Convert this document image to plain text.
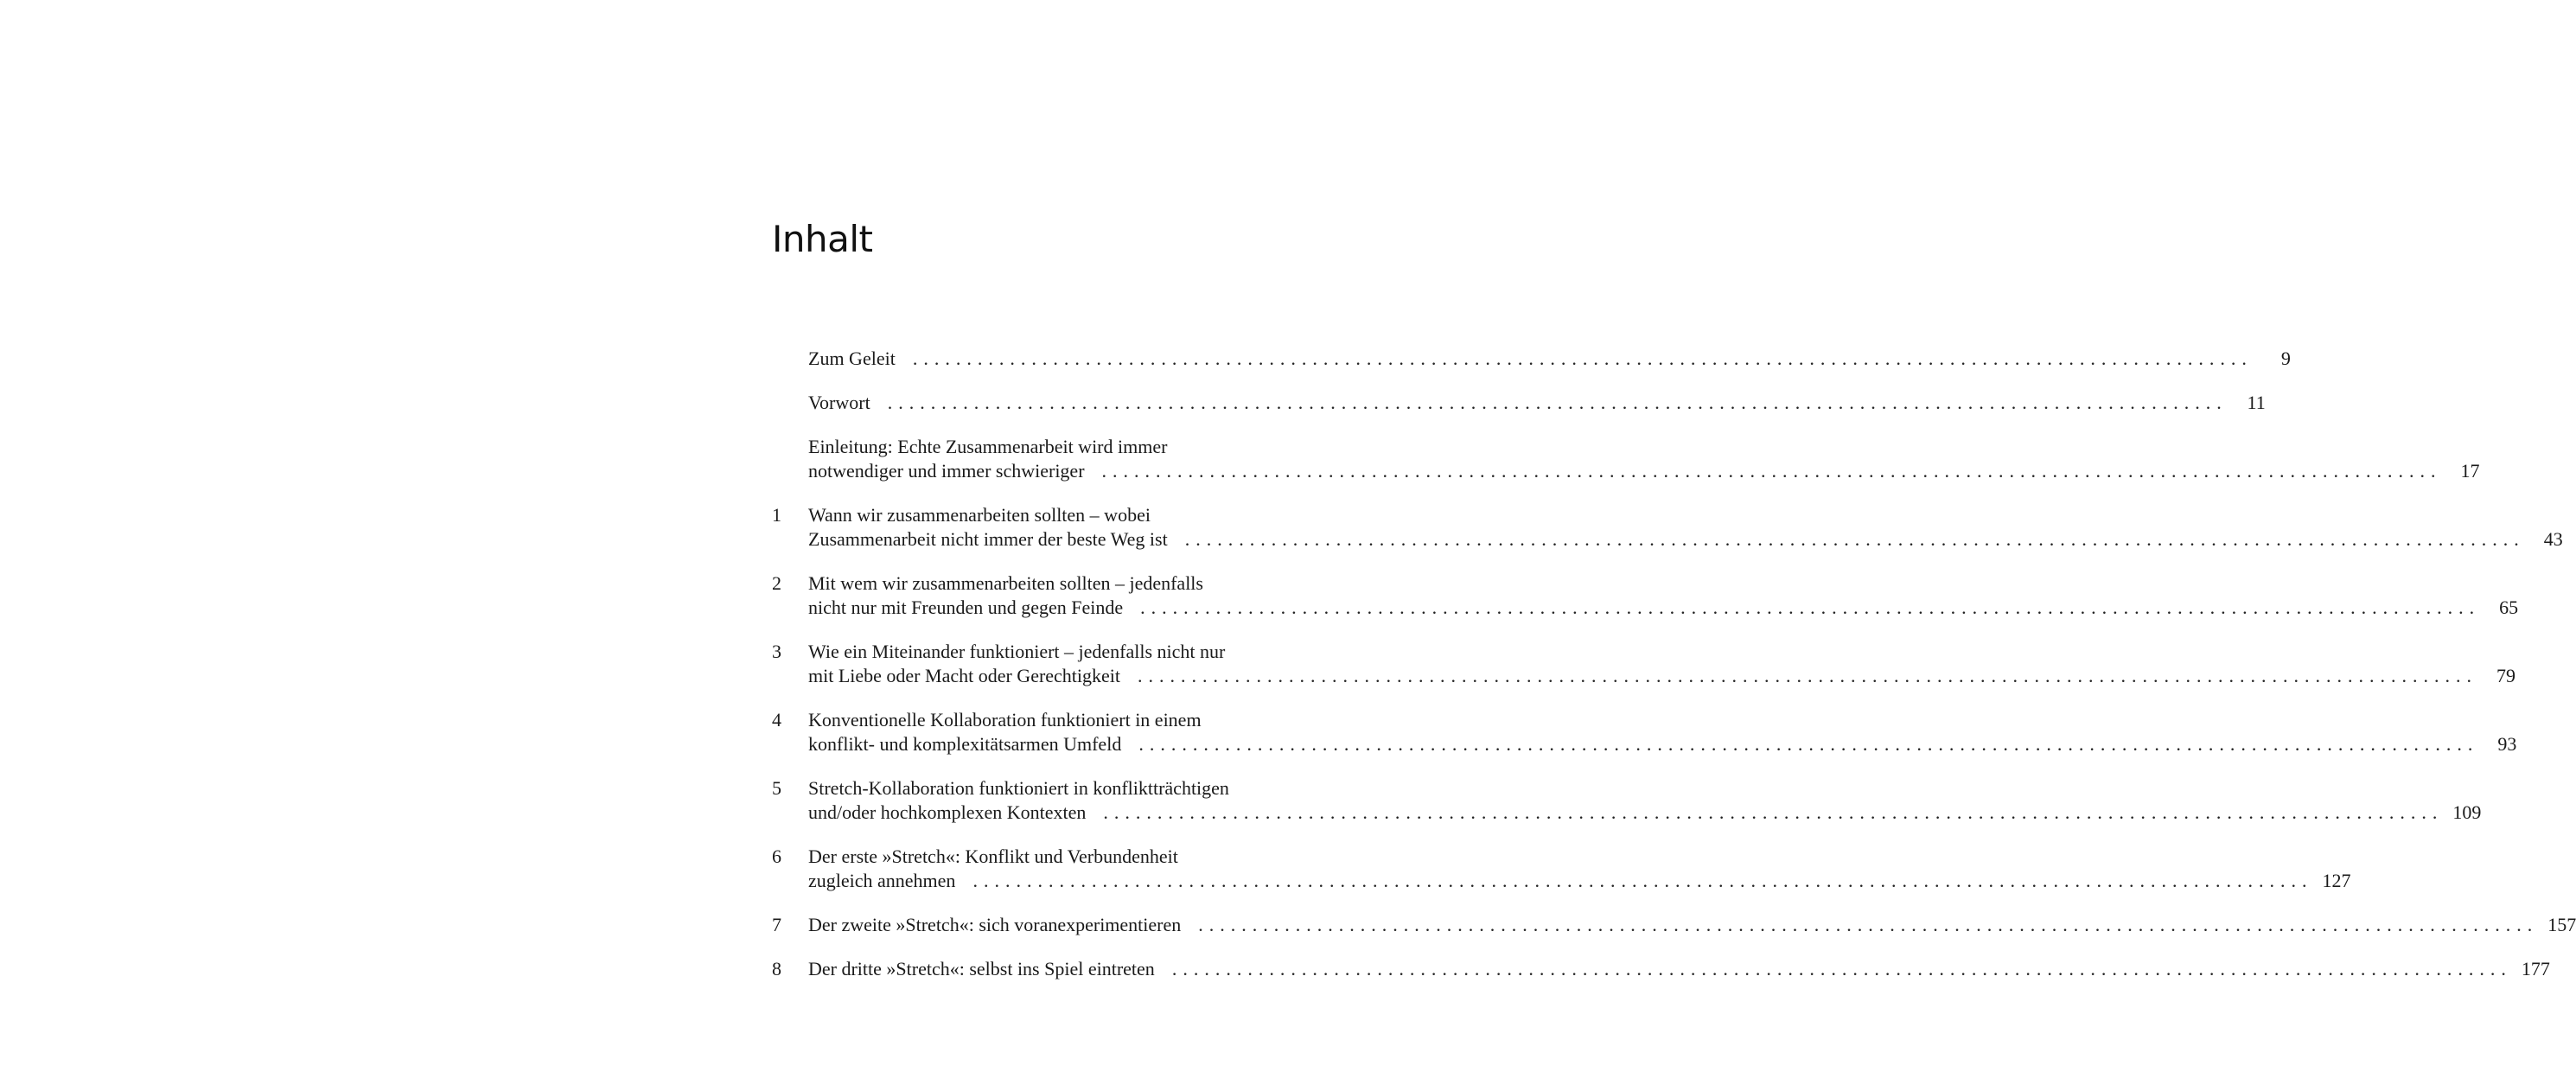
Inhalt
Zum Geleit ............................................................................................................................	9
Vorwort ............................................................................................................................	11
Einleitung: Echte Zusammenarbeit wird immer
notwendiger und immer schwieriger ............................................................................................................................	17
1	Wann wir zusammenarbeiten sollten – wobei
Zusammenarbeit nicht immer der beste Weg ist ............................................................................................................................	43
2	Mit wem wir zusammenarbeiten sollten – jedenfalls
nicht nur mit Freunden und gegen Feinde ............................................................................................................................	65
3	Wie ein Miteinander funktioniert – jedenfalls nicht nur
mit Liebe oder Macht oder Gerechtigkeit ............................................................................................................................	79
4	Konventionelle Kollaboration funktioniert in einem
konflikt- und komplexitätsarmen Umfeld ............................................................................................................................	93
5	Stretch-Kollaboration funktioniert in konfliktträchtigen
und/oder hochkomplexen Kontexten ............................................................................................................................ 109
6	Der erste »Stretch«: Konflikt und Verbundenheit
zugleich annehmen ............................................................................................................................ 127
7	Der zweite »Stretch«: sich voranexperimentieren ............................................................................................................................ 157
8	Der dritte »Stretch«: selbst ins Spiel eintreten ............................................................................................................................ 177
